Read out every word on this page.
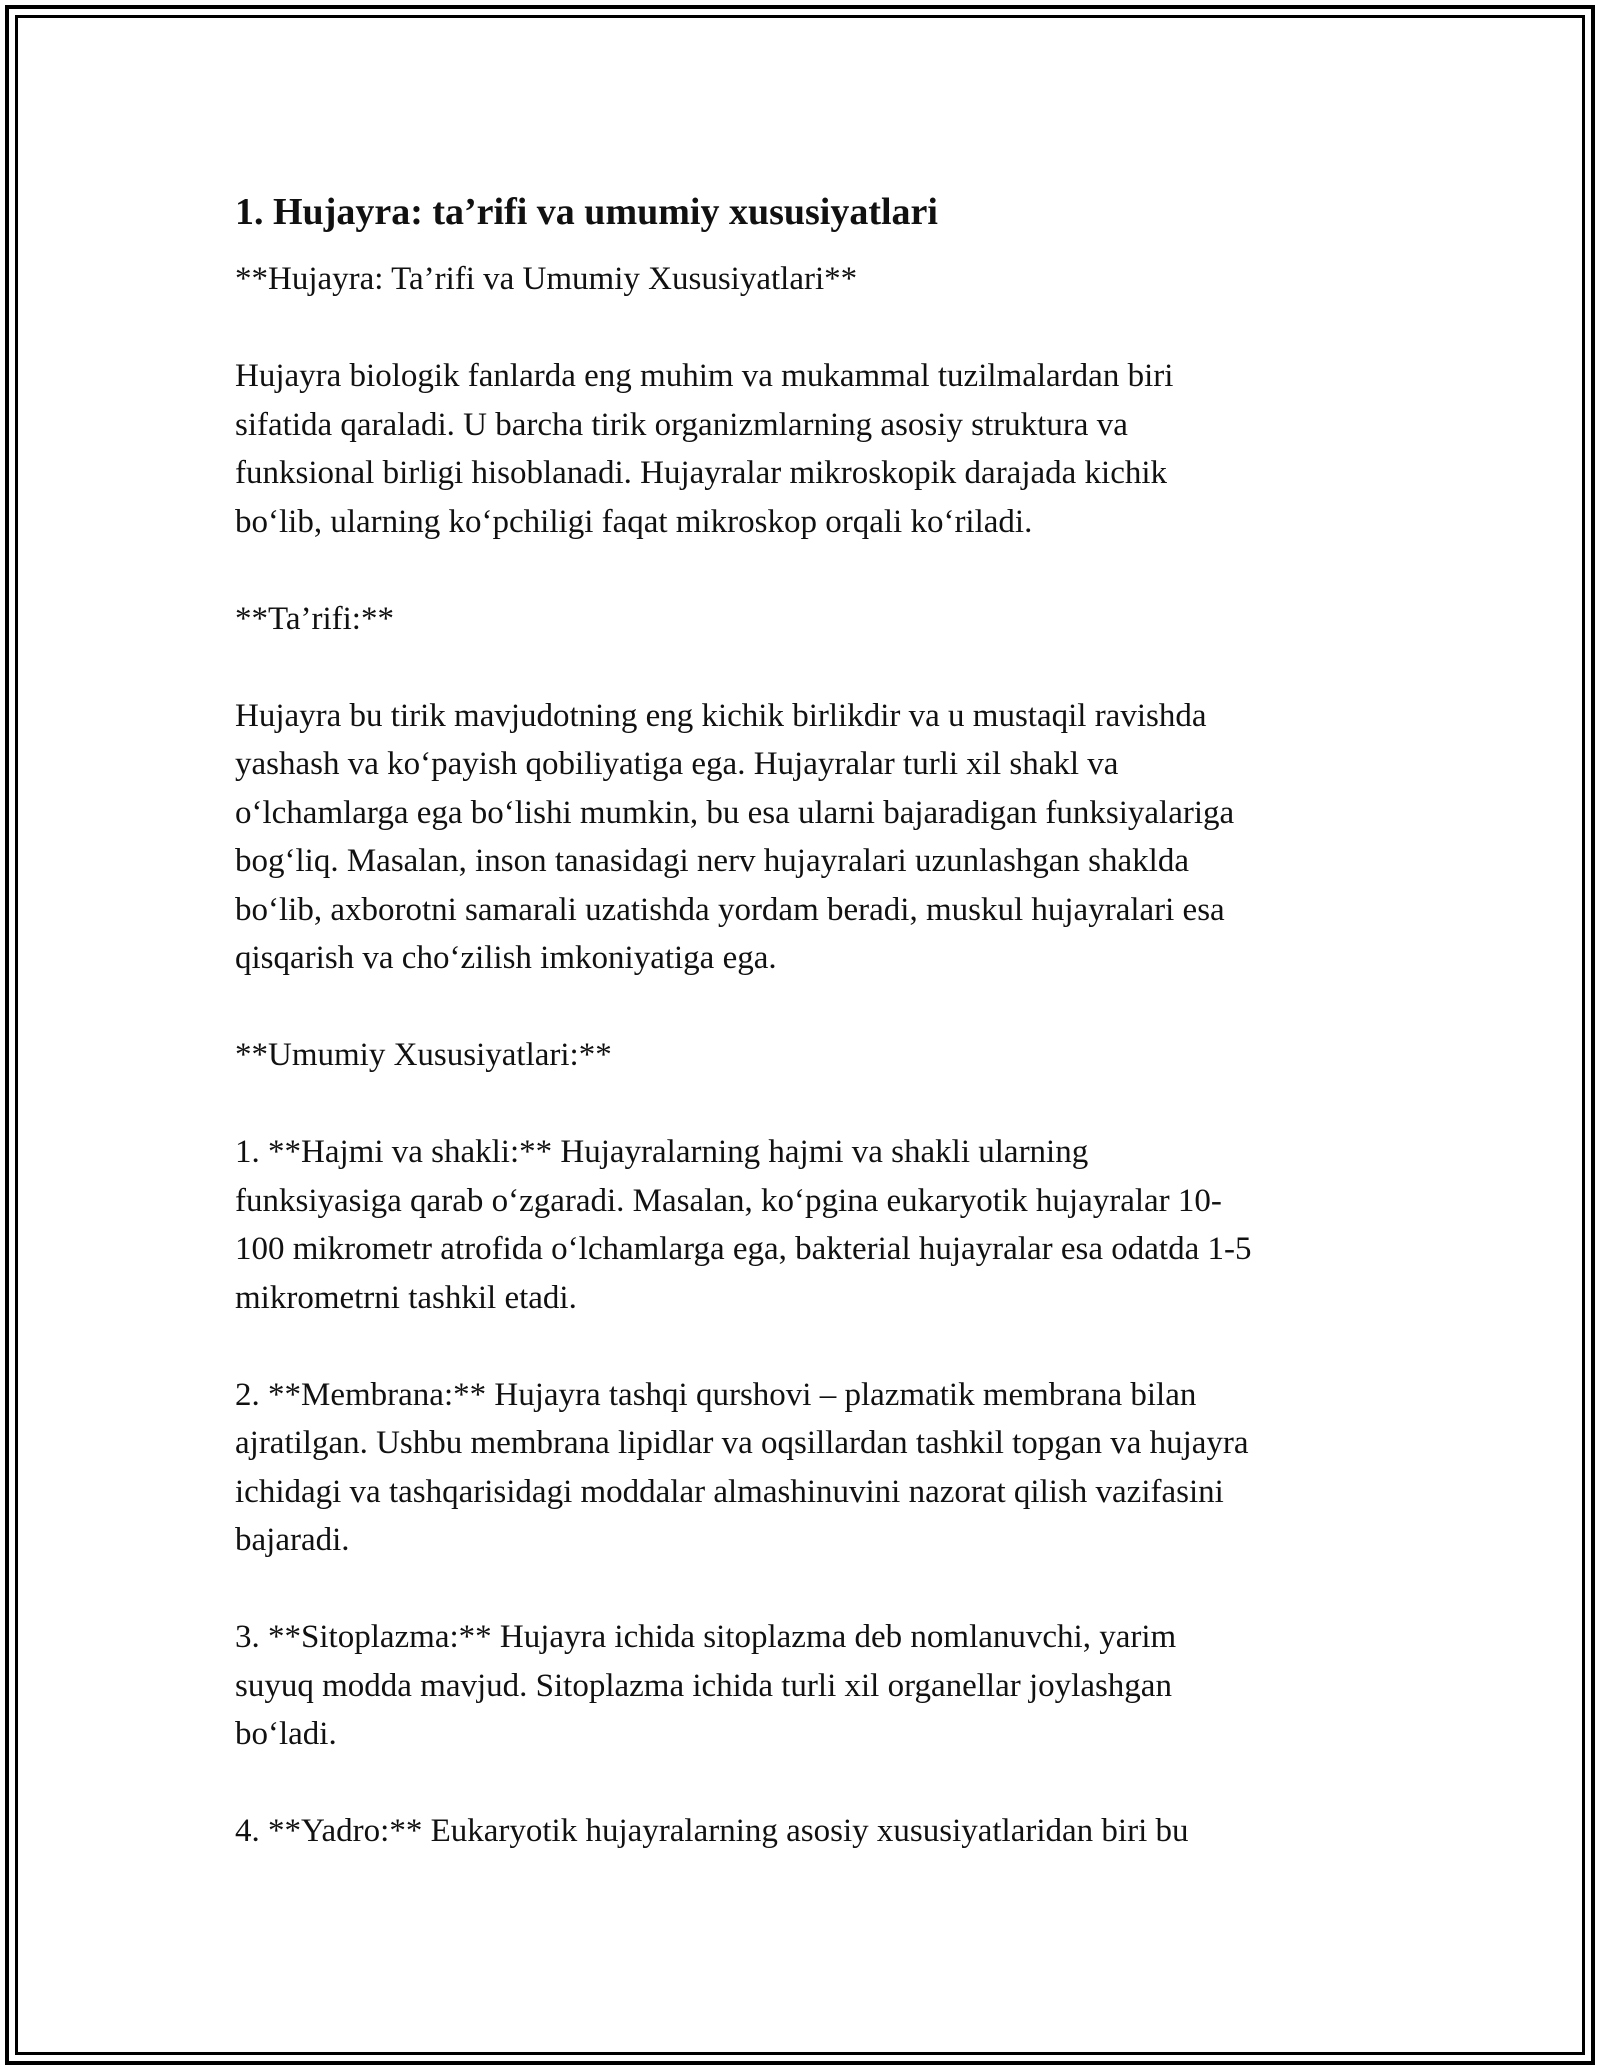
1. Hujayra: ta’rifi va umumiy xususiyatlari
**Hujayra: Ta’rifi va Umumiy Xususiyatlari**
Hujayra biologik fanlarda eng muhim va mukammal tuzilmalardan biri
sifatida qaraladi. U barcha tirik organizmlarning asosiy struktura va
funksional birligi hisoblanadi. Hujayralar mikroskopik darajada kichik
bo‘lib, ularning ko‘pchiligi faqat mikroskop orqali ko‘riladi.
**Ta’rifi:**
Hujayra bu tirik mavjudotning eng kichik birlikdir va u mustaqil ravishda
yashash va ko‘payish qobiliyatiga ega. Hujayralar turli xil shakl va
o‘lchamlarga ega bo‘lishi mumkin, bu esa ularni bajaradigan funksiyalariga
bog‘liq. Masalan, inson tanasidagi nerv hujayralari uzunlashgan shaklda
bo‘lib, axborotni samarali uzatishda yordam beradi, muskul hujayralari esa
qisqarish va cho‘zilish imkoniyatiga ega.
**Umumiy Xususiyatlari:**
1. **Hajmi va shakli:** Hujayralarning hajmi va shakli ularning
funksiyasiga qarab o‘zgaradi. Masalan, ko‘pgina eukaryotik hujayralar 10-
100 mikrometr atrofida o‘lchamlarga ega, bakterial hujayralar esa odatda 1-5
mikrometrni tashkil etadi.
2. **Membrana:** Hujayra tashqi qurshovi – plazmatik membrana bilan
ajratilgan. Ushbu membrana lipidlar va oqsillardan tashkil topgan va hujayra
ichidagi va tashqarisidagi moddalar almashinuvini nazorat qilish vazifasini
bajaradi.
3. **Sitoplazma:** Hujayra ichida sitoplazma deb nomlanuvchi, yarim
suyuq modda mavjud. Sitoplazma ichida turli xil organellar joylashgan
bo‘ladi.
4. **Yadro:** Eukaryotik hujayralarning asosiy xususiyatlaridan biri bu
